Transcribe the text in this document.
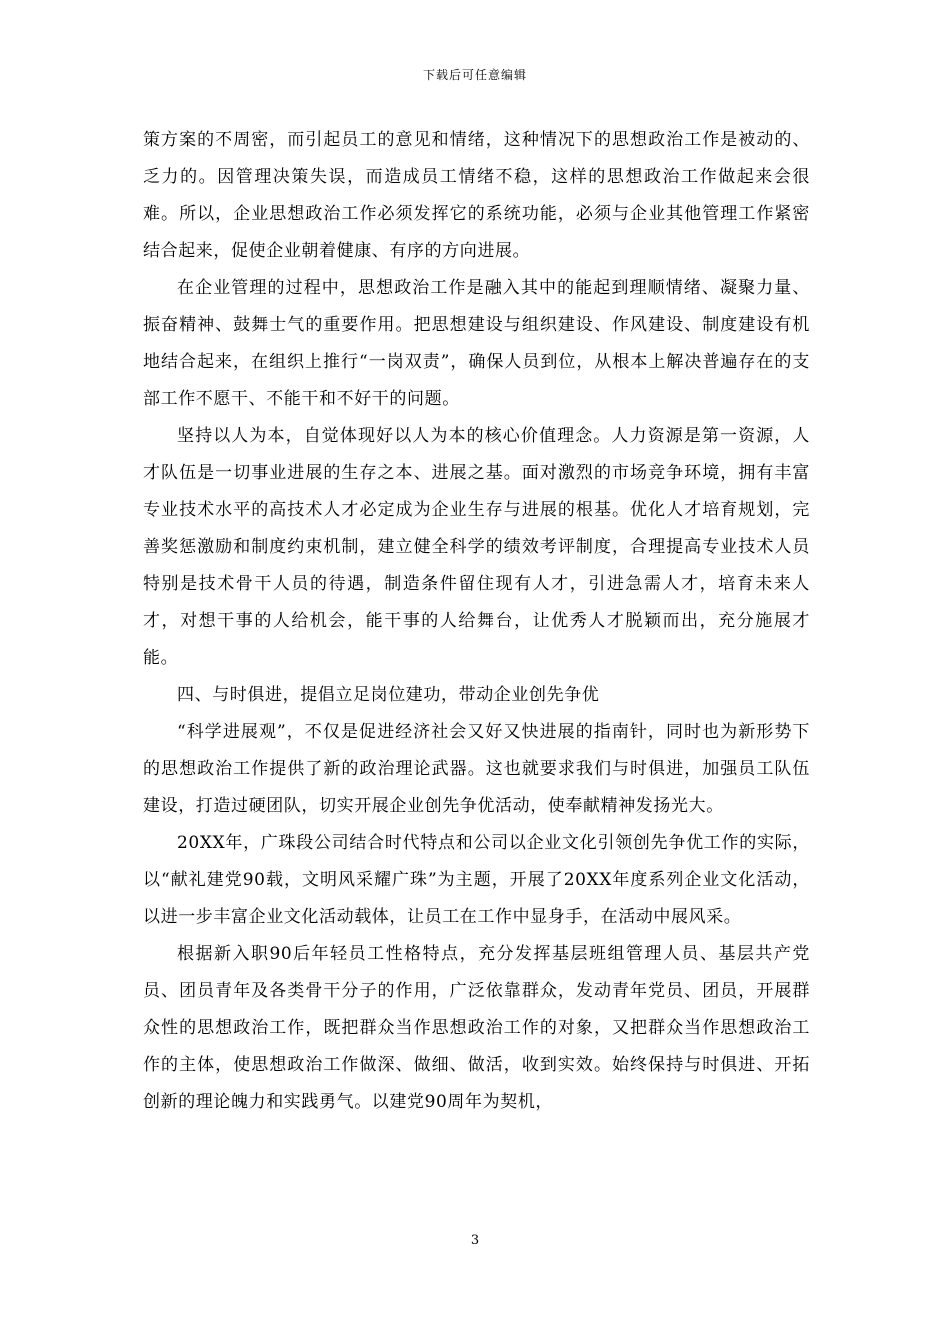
下载后可任意编辑

策方案的不周密，而引起员工的意见和情绪，这种情况下的思想政治工作是被动的、乏力的。因管理决策失误，而造成员工情绪不稳，这样的思想政治工作做起来会很难。所以，企业思想政治工作必须发挥它的系统功能，必须与企业其他管理工作紧密结合起来，促使企业朝着健康、有序的方向进展。

在企业管理的过程中，思想政治工作是融入其中的能起到理顺情绪、凝聚力量、振奋精神、鼓舞士气的重要作用。把思想建设与组织建设、作风建设、制度建设有机地结合起来，在组织上推行“一岗双责”，确保人员到位，从根本上解决普遍存在的支部工作不愿干、不能干和不好干的问题。

坚持以人为本，自觉体现好以人为本的核心价值理念。人力资源是第一资源，人才队伍是一切事业进展的生存之本、进展之基。面对激烈的市场竞争环境，拥有丰富专业技术水平的高技术人才必定成为企业生存与进展的根基。优化人才培育规划，完善奖惩激励和制度约束机制，建立健全科学的绩效考评制度，合理提高专业技术人员特别是技术骨干人员的待遇，制造条件留住现有人才，引进急需人才，培育未来人才，对想干事的人给机会，能干事的人给舞台，让优秀人才脱颖而出，充分施展才能。

四、与时俱进，提倡立足岗位建功，带动企业创先争优

“科学进展观”，不仅是促进经济社会又好又快进展的指南针，同时也为新形势下的思想政治工作提供了新的政治理论武器。这也就要求我们与时俱进，加强员工队伍建设，打造过硬团队，切实开展企业创先争优活动，使奉献精神发扬光大。

20XX年，广珠段公司结合时代特点和公司以企业文化引领创先争优工作的实际，以“献礼建党90载，文明风采耀广珠”为主题，开展了20XX年度系列企业文化活动，以进一步丰富企业文化活动载体，让员工在工作中显身手，在活动中展风采。

根据新入职90后年轻员工性格特点，充分发挥基层班组管理人员、基层共产党员、团员青年及各类骨干分子的作用，广泛依靠群众，发动青年党员、团员，开展群众性的思想政治工作，既把群众当作思想政治工作的对象，又把群众当作思想政治工作的主体，使思想政治工作做深、做细、做活，收到实效。始终保持与时俱进、开拓创新的理论魄力和实践勇气。以建党90周年为契机，

3
